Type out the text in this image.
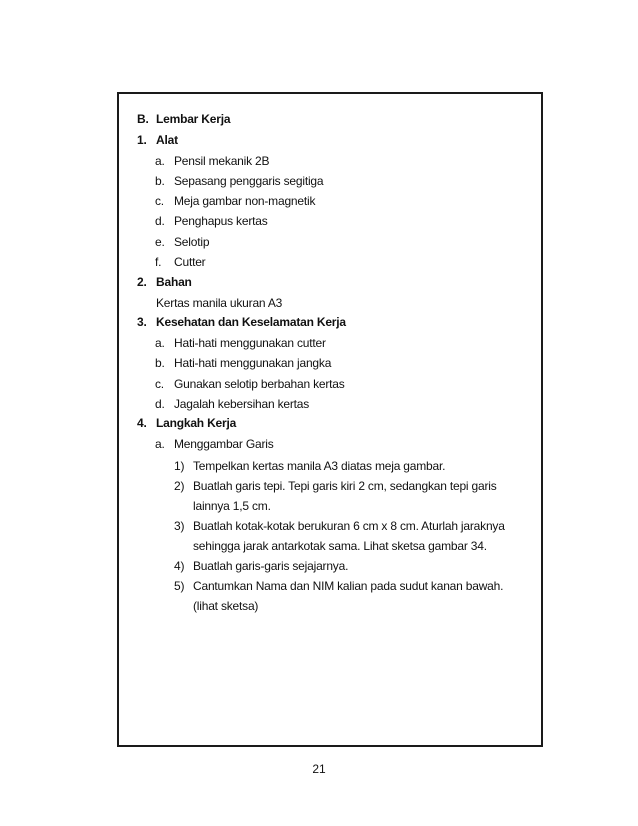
B. Lembar Kerja
1. Alat
a. Pensil mekanik 2B
b. Sepasang penggaris segitiga
c. Meja gambar non-magnetik
d. Penghapus kertas
e. Selotip
f. Cutter
2. Bahan
Kertas manila ukuran A3
3. Kesehatan dan Keselamatan Kerja
a. Hati-hati menggunakan cutter
b. Hati-hati menggunakan jangka
c. Gunakan selotip berbahan kertas
d. Jagalah kebersihan kertas
4. Langkah Kerja
a. Menggambar Garis
1) Tempelkan kertas manila A3 diatas meja gambar.
2) Buatlah garis tepi. Tepi garis kiri 2 cm, sedangkan tepi garis
lainnya 1,5 cm.
3) Buatlah kotak-kotak berukuran 6 cm x 8 cm. Aturlah jaraknya
sehingga jarak antarkotak sama. Lihat sketsa gambar 34.
4) Buatlah garis-garis sejajarnya.
5) Cantumkan Nama dan NIM kalian pada sudut kanan bawah.
(lihat sketsa)
21
